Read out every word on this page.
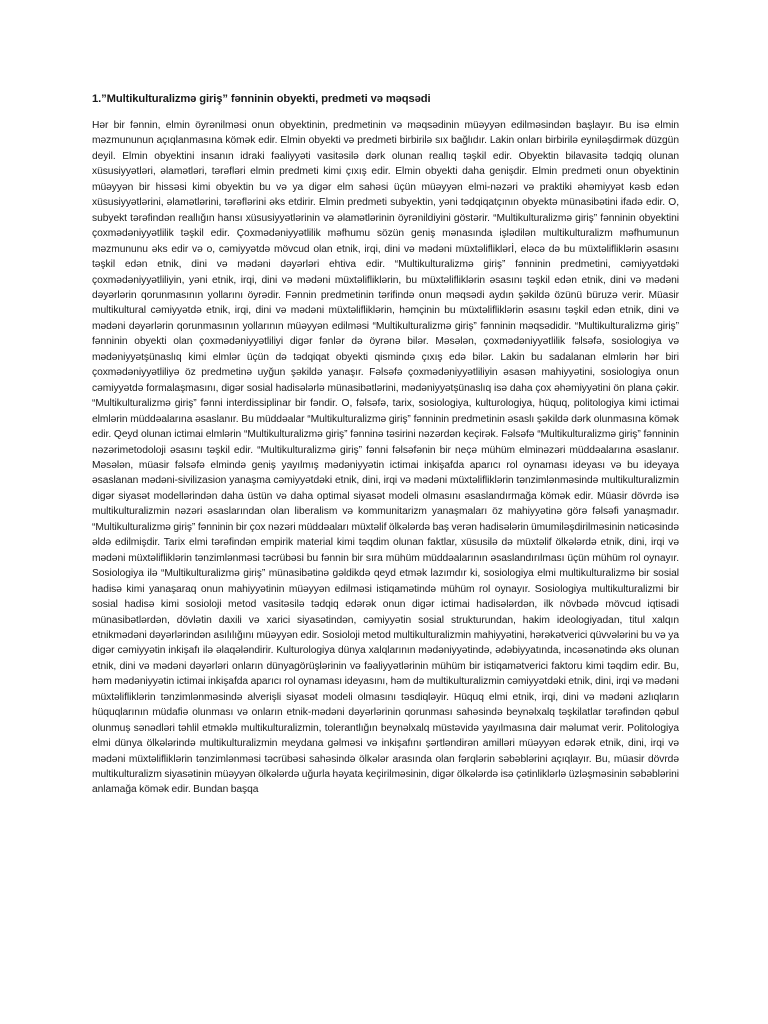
1.”Multikulturalizmə giriş” fənninin obyekti, predmeti və məqsədi

Hər bir fənnin, elmin öyrənilməsi onun obyektinin, predmetinin və məqsədinin müəyyən edilməsindən başlayır. Bu isə elmin məzmununun açıqlanmasına kömək edir. Elmin obyekti və predmeti birbirilə sıx bağlıdır. Lakin onları birbirilə eyniləşdirmək düzgün deyil. Elmin obyektini insanın idraki fəaliyyəti vasitəsilə dərk olunan reallıq təşkil edir. Obyektin bilavasitə tədqiq olunan xüsusiyyətləri, əlamətləri, tərəfləri elmin predmeti kimi çıxış edir. Elmin obyekti daha genişdir. Elmin predmeti onun obyektinin müəyyən bir hissəsi kimi obyektin bu və ya digər elm sahəsi üçün müəyyən elmi-nəzəri və praktiki əhəmiyyət kəsb edən xüsusiyyətlərini, əlamətlərini, tərəflərini əks etdirir. Elmin predmeti subyektin, yəni tədqiqatçının obyektə münasibətini ifadə edir. O, subyekt tərəfindən reallığın hansı xüsusiyyətlərinin və əlamətlərinin öyrənildiyini göstərir. “Multikulturalizmə giriş” fənninin obyektini çoxmədəniyyətlilik təşkil edir. Çoxmədəniyyətlilik məfhumu sözün geniş mənasında işlədilən multikulturalizm məfhumunun məzmununu əks edir və o, cəmiyyətdə mövcud olan etnik, irqi, dini və mədəni müxtəlifliklərİ, eləcə də bu müxtəlifliklərin əsasını təşkil edən etnik, dini və mədəni dəyərləri ehtiva edir. “Multikulturalizmə giriş” fənninin predmetini, cəmiyyətdəki çoxmədəniyyətliliyin, yəni etnik, irqi, dini və mədəni müxtəlifliklərin, bu müxtəlifliklərin əsasını təşkil edən etnik, dini və mədəni dəyərlərin qorunmasının yollarını öyrədir. Fənnin predmetinin tərifində onun məqsədi aydın şəkildə özünü büruzə verir. Müasir multikultural cəmiyyətdə etnik, irqi, dini və mədəni müxtəlifliklərin, həmçinin bu müxtəlifliklərin əsasını təşkil edən etnik, dini və mədəni dəyərlərin qorunmasının yollarının müəyyən edilməsi “Multikulturalizmə giriş” fənninin məqsədidir. “Multikulturalizmə giriş” fənninin obyekti olan çoxmədəniyyətliliyi digər fənlər də öyrənə bilər. Məsələn, çoxmədəniyyətlilik fəlsəfə, sosiologiya və mədəniyyətşünaslıq kimi elmlər üçün də tədqiqat obyekti qismində çıxış edə bilər. Lakin bu sadalanan elmlərin hər biri çoxmədəniyyətliliyə öz predmetinə uyğun şəkildə yanaşır. Fəlsəfə çoxmədəniyyətliliyin əsasən mahiyyətini, sosiologiya onun cəmiyyətdə formalaşmasını, digər sosial hadisələrlə münasibətlərini, mədəniyyətşünaslıq isə daha çox əhəmiyyətini ön plana çəkir. “Multikulturalizmə giriş” fənni interdissiplinar bir fəndir. O, fəlsəfə, tarix, sosiologiya, kulturologiya, hüquq, politologiya kimi ictimai elmlərin müddəalarına əsaslanır. Bu müddəalar “Multikulturalizmə giriş” fənninin predmetinin əsaslı şəkildə dərk olunmasına kömək edir. Qeyd olunan ictimai elmlərin “Multikulturalizmə giriş” fənninə təsirini nəzərdən keçirək. Fəlsəfə “Multikulturalizmə giriş” fənninin nəzərimetodoloji əsasını təşkil edir. “Multikulturalizmə giriş” fənni fəlsəfənin bir neçə mühüm elminəzəri müddəalarına əsaslanır. Məsələn, müasir fəlsəfə elmində geniş yayılmış mədəniyyətin ictimai inkişafda aparıcı rol oynaması ideyası və bu ideyaya əsaslanan mədəni-sivilizasion yanaşma cəmiyyətdəki etnik, dini, irqi və mədəni müxtəlifliklərin tənzimlənməsində multikulturalizmin digər siyasət modellərindən daha üstün və daha optimal siyasət modeli olmasını əsaslandırmağa kömək edir. Müasir dövrdə isə multikulturalizmin nəzəri əsaslarından olan liberalism və kommunitarizm yanaşmaları öz mahiyyətinə görə fəlsəfi yanaşmadır. “Multikulturalizmə giriş” fənninin bir çox nəzəri müddəaları müxtəlif ölkələrdə baş verən hadisələrin ümumiləşdirilməsinin nəticəsində əldə edilmişdir. Tarix elmi tərəfindən empirik material kimi təqdim olunan faktlar, xüsusilə də müxtəlif ölkələrdə etnik, dini, irqi və mədəni müxtəlifliklərin tənzimlənməsi təcrübəsi bu fənnin bir sıra mühüm müddəalarının əsaslandırılması üçün mühüm rol oynayır. Sosiologiya ilə “Multikulturalizmə giriş” münasibətinə gəldikdə qeyd etmək lazımdır ki, sosiologiya elmi multikulturalizmə bir sosial hadisə kimi yanaşaraq onun mahiyyətinin müəyyən edilməsi istiqamətində mühüm rol oynayır. Sosiologiya multikulturalizmi bir sosial hadisə kimi sosioloji metod vasitəsilə tədqiq edərək onun digər ictimai hadisələrdən, ilk növbədə mövcud iqtisadi münasibətlərdən, dövlətin daxili və xarici siyasətindən, cəmiyyətin sosial strukturundan, hakim ideologiyadan, titul xalqın etnikmədəni dəyərlərindən asılılığını müəyyən edir. Sosioloji metod multikulturalizmin mahiyyətini, hərəkətverici qüvvələrini bu və ya digər cəmiyyətin inkişafı ilə əlaqələndirir. Kulturologiya dünya xalqlarının mədəniyyətində, ədəbiyyatında, incəsənətində əks olunan etnik, dini və mədəni dəyərləri onların dünyagörüşlərinin və fəaliyyətlərinin mühüm bir istiqamətverici faktoru kimi təqdim edir. Bu, həm mədəniyyətin ictimai inkişafda aparıcı rol oynaması ideyasını, həm də multikulturalizmin cəmiyyətdəki etnik, dini, irqi və mədəni müxtəlifliklərin tənzimlənməsində alverişli siyasət modeli olmasını təsdiqləyir. Hüquq elmi etnik, irqi, dini və mədəni azlıqların hüquqlarının müdafiə olunması və onların etnik-mədəni dəyərlərinin qorunması sahəsində beynəlxalq təşkilatlar tərəfindən qəbul olunmuş sənədləri təhlil etməklə multikulturalizmin, tolerantlığın beynəlxalq müstəvidə yayılmasına dair məlumat verir. Politologiya elmi dünya ölkələrində multikulturalizmin meydana gəlməsi və inkişafını şərtləndirən amilləri müəyyən edərək etnik, dini, irqi və mədəni müxtəlifliklərin tənzimlənməsi təcrübəsi sahəsində ölkələr arasında olan fərqlərin səbəblərini açıqlayır. Bu, müasir dövrdə multikulturalizm siyasətinin müəyyən ölkələrdə uğurla həyata keçirilməsinin, digər ölkələrdə isə çətinliklərlə üzləşməsinin səbəblərini anlamağa kömək edir. Bundan başqa
